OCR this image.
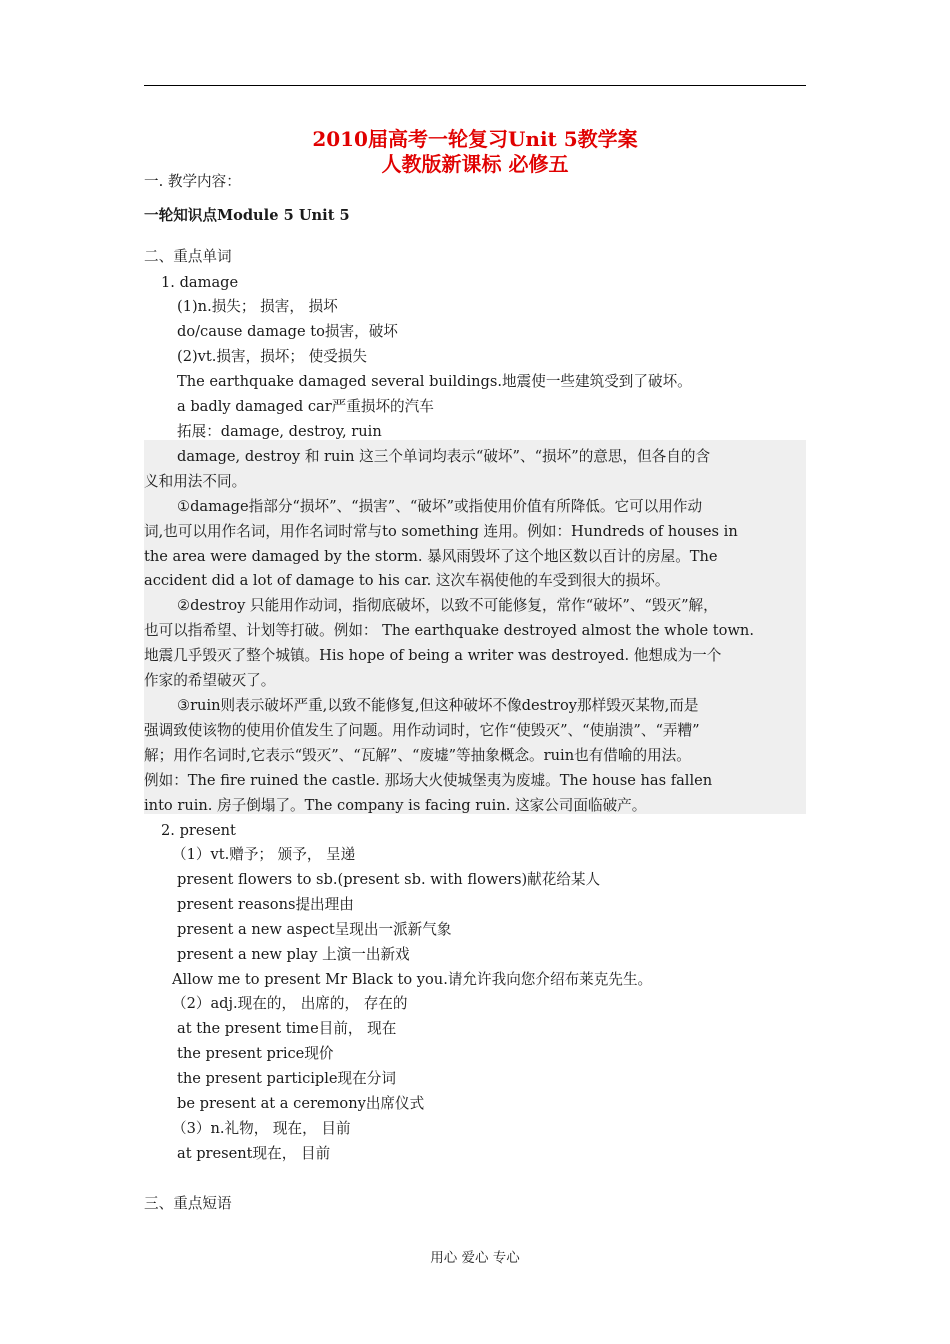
2010届高考一轮复习Unit 5教学案
人教版新课标 必修五
一. 教学内容：
一轮知识点Module 5 Unit 5
二、重点单词
1. damage
(1)n.损失； 损害， 损坏
do/cause damage to损害，破坏
(2)vt.损害，损坏； 使受损失
The earthquake damaged several buildings.地震使一些建筑受到了破坏。
a badly damaged car严重损坏的汽车
拓展：damage, destroy, ruin
damage, destroy 和 ruin 这三个单词均表示“破坏”、“损坏”的意思，但各自的含
义和用法不同。
①damage指部分“损坏”、“损害”、“破坏”或指使用价值有所降低。它可以用作动
词,也可以用作名词，用作名词时常与to something 连用。例如：Hundreds of houses in
the area were damaged by the storm. 暴风雨毁坏了这个地区数以百计的房屋。The
accident did a lot of damage to his car. 这次车祸使他的车受到很大的损坏。
②destroy 只能用作动词，指彻底破坏，以致不可能修复，常作“破坏”、“毁灭”解，
也可以指希望、计划等打破。例如： The earthquake destroyed almost the whole town.
地震几乎毁灭了整个城镇。His hope of being a writer was destroyed. 他想成为一个
作家的希望破灭了。
③ruin则表示破坏严重,以致不能修复,但这种破坏不像destroy那样毁灭某物,而是
强调致使该物的使用价值发生了问题。用作动词时，它作“使毁灭”、“使崩溃”、“弄糟”
解；用作名词时,它表示“毁灭”、“瓦解”、“废墟”等抽象概念。ruin也有借喻的用法。
例如：The fire ruined the castle. 那场大火使城堡夷为废墟。The house has fallen
into ruin. 房子倒塌了。The company is facing ruin. 这家公司面临破产。
2. present
（1）vt.赠予； 颁予， 呈递
present flowers to sb.(present sb. with flowers)献花给某人
present reasons提出理由
present a new aspect呈现出一派新气象
present a new play 上演一出新戏
Allow me to present Mr Black to you.请允许我向您介绍布莱克先生。
（2）adj.现在的， 出席的， 存在的
at the present time目前， 现在
the present price现价
the present participle现在分词
be present at a ceremony出席仪式
（3）n.礼物， 现在， 目前
at present现在， 目前
三、重点短语
用心 爱心 专心
